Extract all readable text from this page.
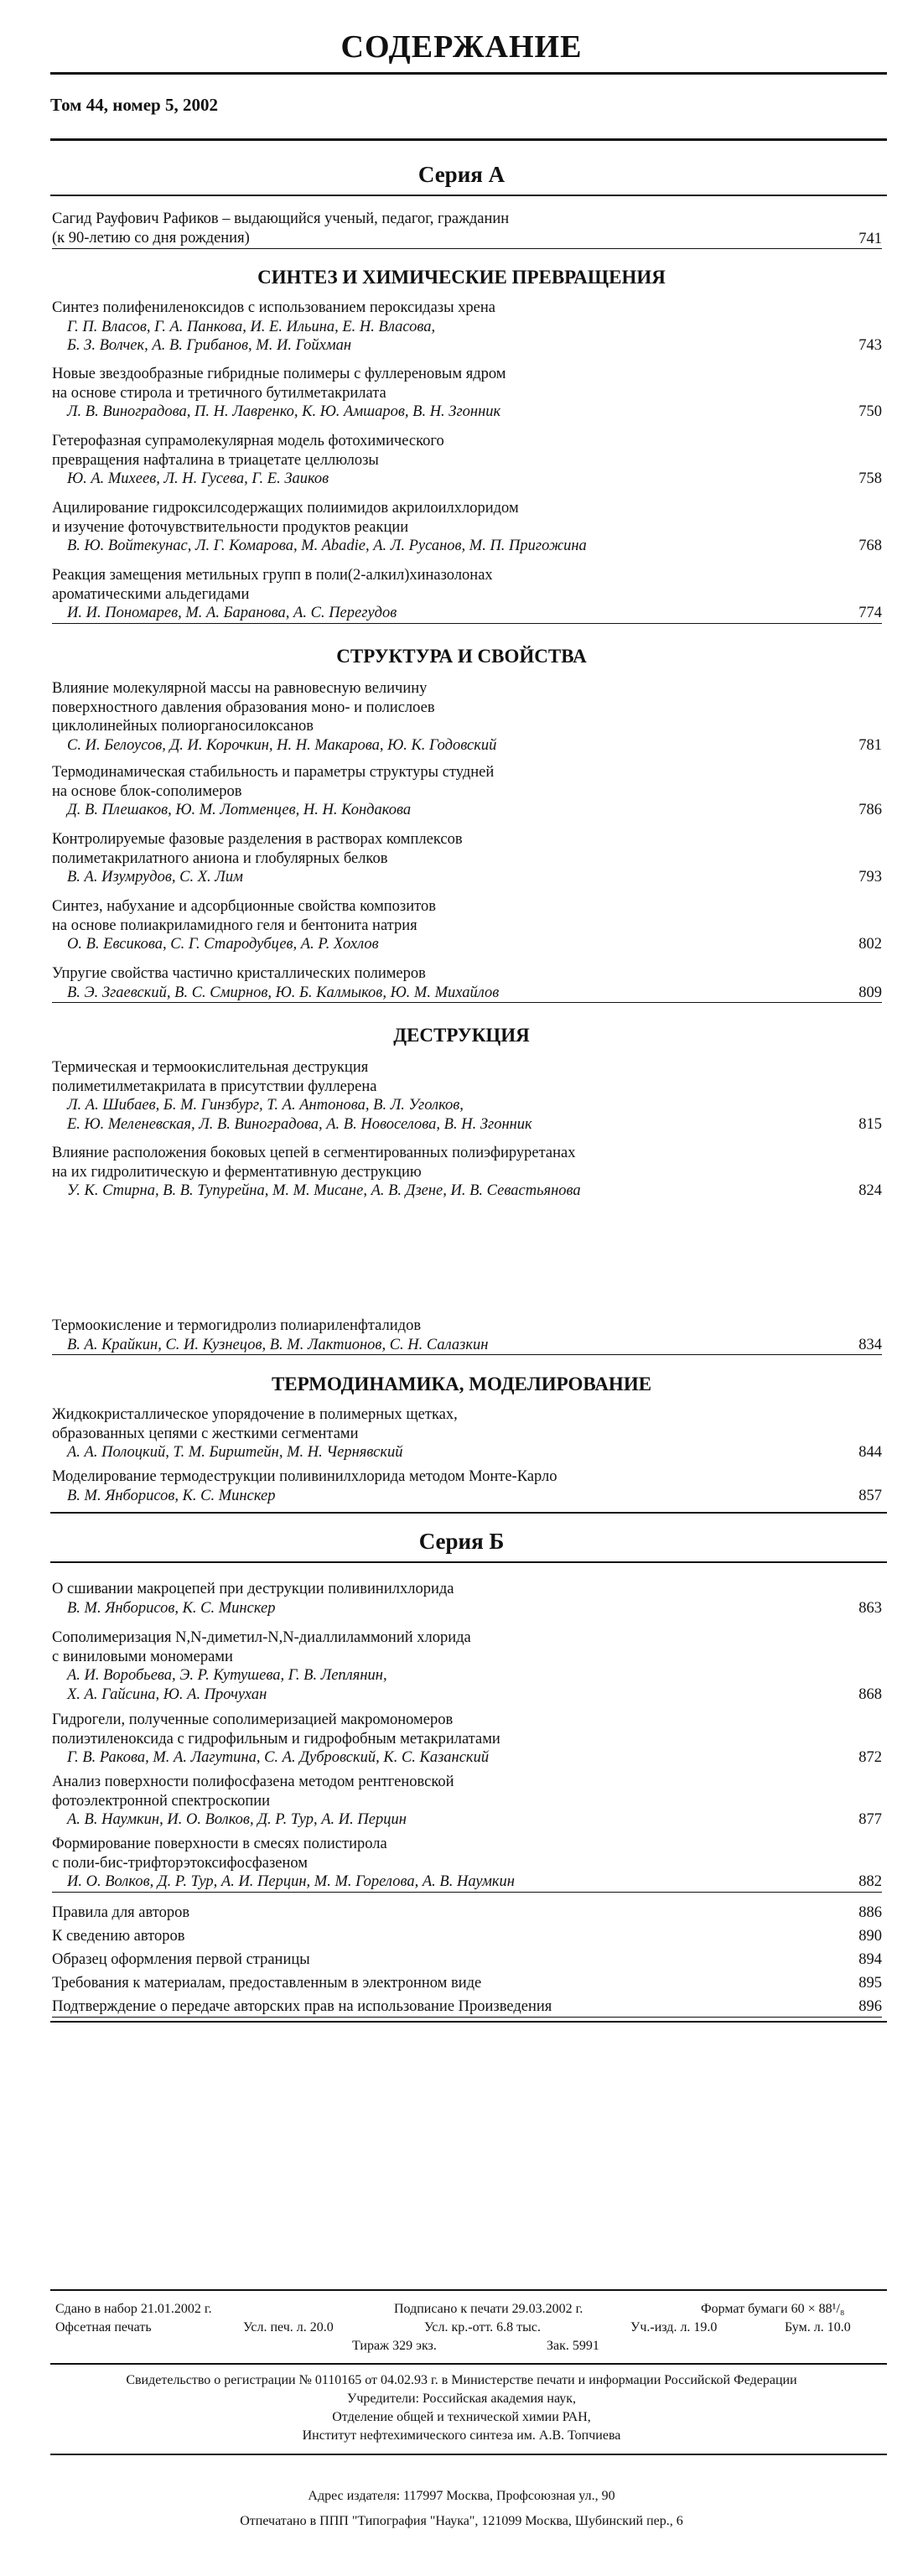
СОДЕРЖАНИЕ
Том 44, номер 5, 2002
Серия А
Сагид Рауфович Рафиков – выдающийся ученый, педагог, гражданин
(к 90-летию со дня рождения)	741
СИНТЕЗ И ХИМИЧЕСКИЕ ПРЕВРАЩЕНИЯ
Синтез полифениленоксидов с использованием пероксидазы хрена
Г. П. Власов, Г. А. Панкова, И. Е. Ильина, Е. Н. Власова,
Б. З. Волчек, А. В. Грибанов, М. И. Гойхман	743
Новые звездообразные гибридные полимеры с фуллереновым ядром
на основе стирола и третичного бутилметакрилата
Л. В. Виноградова, П. Н. Лавренко, К. Ю. Амшаров, В. Н. Згонник	750
Гетерофазная супрамолекулярная модель фотохимического
превращения нафталина в триацетате целлюлозы
Ю. А. Михеев, Л. Н. Гусева, Г. Е. Заиков	758
Ацилирование гидроксилсодержащих полиимидов акрилоилхлоридом
и изучение фоточувствительности продуктов реакции
В. Ю. Войтекунас, Л. Г. Комарова, M. Abadie, А. Л. Русанов, М. П. Пригожина	768
Реакция замещения метильных групп в поли(2-алкил)хиназолонах
ароматическими альдегидами
И. И. Пономарев, М. А. Баранова, А. С. Перегудов	774
СТРУКТУРА И СВОЙСТВА
Влияние молекулярной массы на равновесную величину
поверхностного давления образования моно- и полислоев
циклолинейных полиорганосилоксанов
С. И. Белоусов, Д. И. Корочкин, Н. Н. Макарова, Ю. К. Годовский	781
Термодинамическая стабильность и параметры структуры студней
на основе блок-сополимеров
Д. В. Плешаков, Ю. М. Лотменцев, Н. Н. Кондакова	786
Контролируемые фазовые разделения в растворах комплексов
полиметакрилатного аниона и глобулярных белков
В. А. Изумрудов, С. Х. Лим	793
Синтез, набухание и адсорбционные свойства композитов
на основе полиакриламидного геля и бентонита натрия
О. В. Евсикова, С. Г. Стародубцев, А. Р. Хохлов	802
Упругие свойства частично кристаллических полимеров
В. Э. Згаевский, В. С. Смирнов, Ю. Б. Калмыков, Ю. М. Михайлов	809
ДЕСТРУКЦИЯ
Термическая и термоокислительная деструкция
полиметилметакрилата в присутствии фуллерена
Л. А. Шибаев, Б. М. Гинзбург, Т. А. Антонова, В. Л. Уголков,
Е. Ю. Меленевская, Л. В. Виноградова, А. В. Новоселова, В. Н. Згонник	815
Влияние расположения боковых цепей в сегментированных полиэфируретанах
на их гидролитическую и ферментативную деструкцию
У. К. Стирна, В. В. Тупурейна, М. М. Мисане, А. В. Дзене, И. В. Севастьянова	824
Термоокисление и термогидролиз полиариленфталидов
В. А. Крайкин, С. И. Кузнецов, В. М. Лактионов, С. Н. Салазкин	834
ТЕРМОДИНАМИКА, МОДЕЛИРОВАНИЕ
Жидкокристаллическое упорядочение в полимерных щетках,
образованных цепями с жесткими сегментами
А. А. Полоцкий, Т. М. Бирштейн, М. Н. Чернявский	844
Моделирование термодеструкции поливинилхлорида методом Монте-Карло
В. М. Янборисов, К. С. Минскер	857
Серия Б
О сшивании макроцепей при деструкции поливинилхлорида
В. М. Янборисов, К. С. Минскер	863
Сополимеризация N,N-диметил-N,N-диаллиламмоний хлорида
с виниловыми мономерами
А. И. Воробьева, Э. Р. Кутушева, Г. В. Леплянин,
Х. А. Гайсина, Ю. А. Прочухан	868
Гидрогели, полученные сополимеризацией макромономеров
полиэтиленоксида с гидрофильным и гидрофобным метакрилатами
Г. В. Ракова, М. А. Лагутина, С. А. Дубровский, К. С. Казанский	872
Анализ поверхности полифосфазена методом рентгеновской
фотоэлектронной спектроскопии
А. В. Наумкин, И. О. Волков, Д. Р. Тур, А. И. Перцин	877
Формирование поверхности в смесях полистирола
с поли-бис-трифторэтоксифосфазеном
И. О. Волков, Д. Р. Тур, А. И. Перцин, М. М. Горелова, А. В. Наумкин	882
Правила для авторов	886
К сведению авторов	890
Образец оформления первой страницы	894
Требования к материалам, предоставленным в электронном виде	895
Подтверждение о передаче авторских прав на использование Произведения	896
Сдано в набор 21.01.2002 г.	Подписано к печати 29.03.2002 г.	Формат бумаги 60 × 88¹/₈
Офсетная печать	Усл. печ. л. 20.0	Усл. кр.-отт. 6.8 тыс.	Уч.-изд. л. 19.0	Бум. л. 10.0
Тираж 329 экз.	Зак. 5991
Свидетельство о регистрации № 0110165 от 04.02.93 г. в Министерстве печати и информации Российской Федерации
Учредители: Российская академия наук,
Отделение общей и технической химии РАН,
Институт нефтехимического синтеза им. А.В. Топчиева
Адрес издателя: 117997 Москва, Профсоюзная ул., 90
Отпечатано в ППП "Типография "Наука", 121099 Москва, Шубинский пер., 6
